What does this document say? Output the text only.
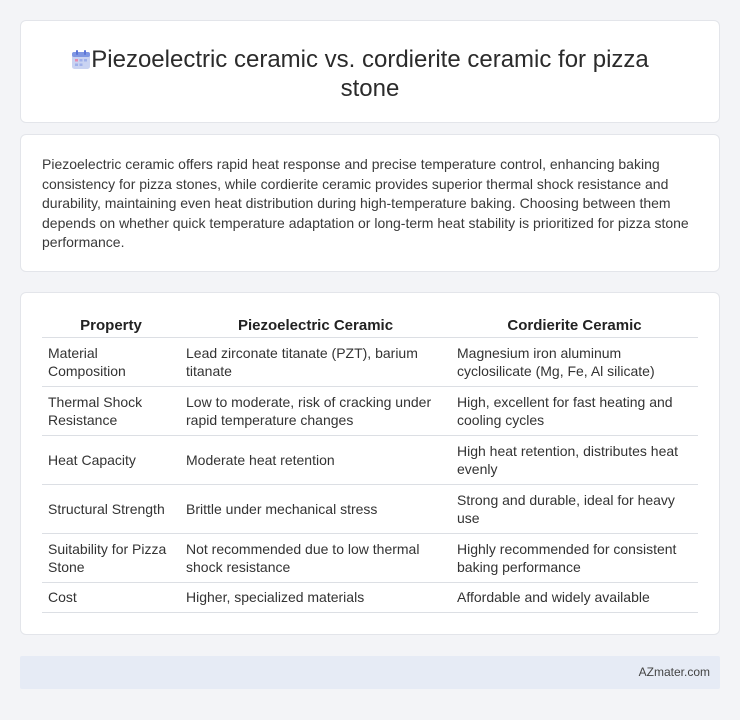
Piezoelectric ceramic vs. cordierite ceramic for pizza stone

Piezoelectric ceramic offers rapid heat response and precise temperature control, enhancing baking consistency for pizza stones, while cordierite ceramic provides superior thermal shock resistance and durability, maintaining even heat distribution during high-temperature baking. Choosing between them depends on whether quick temperature adaptation or long-term heat stability is prioritized for pizza stone performance.

Property	Piezoelectric Ceramic	Cordierite Ceramic
Material Composition	Lead zirconate titanate (PZT), barium titanate	Magnesium iron aluminum cyclosilicate (Mg, Fe, Al silicate)
Thermal Shock Resistance	Low to moderate, risk of cracking under rapid temperature changes	High, excellent for fast heating and cooling cycles
Heat Capacity	Moderate heat retention	High heat retention, distributes heat evenly
Structural Strength	Brittle under mechanical stress	Strong and durable, ideal for heavy use
Suitability for Pizza Stone	Not recommended due to low thermal shock resistance	Highly recommended for consistent baking performance
Cost	Higher, specialized materials	Affordable and widely available
AZmater.com
